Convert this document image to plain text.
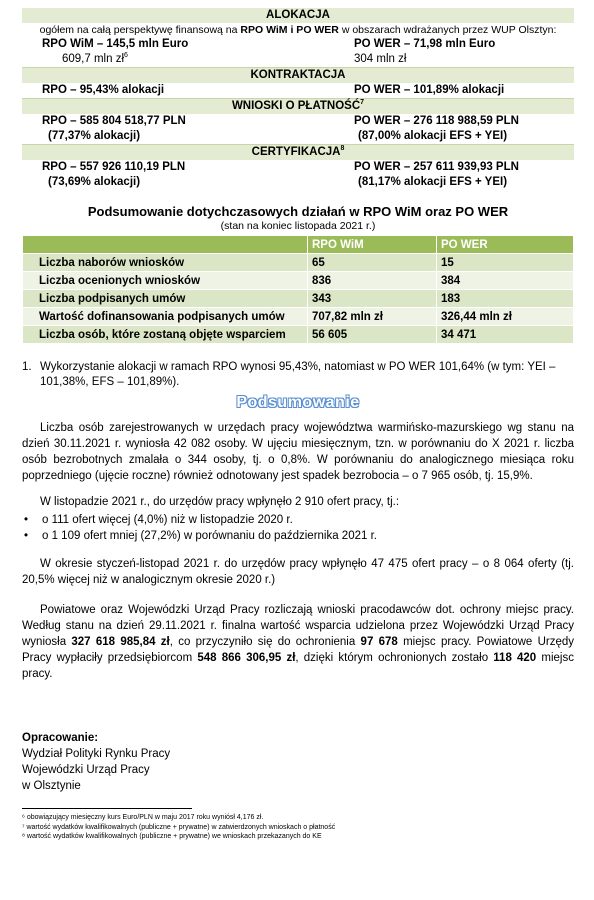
ALOKACJA
ogółem na całą perspektywę finansową na RPO WiM i PO WER w obszarach wdrażanych przez WUP Olsztyn:
RPO WiM – 145,5 mln Euro	PO WER – 71,98 mln Euro
609,7 mln $zł^6$	304 mln zł
KONTRAKTACJA
RPO – 95,43% alokacji	PO WER – 101,89% alokacji
WNIOSKI O PŁATNOŚĆ$^7$
RPO – 585 804 518,77 PLN	PO WER – 276 118 988,59 PLN
(77,37% alokacji)	(87,00% alokacji EFS + YEI)
CERTYFIKACJA$^8$
RPO – 557 926 110,19 PLN	PO WER – 257 611 939,93 PLN
(73,69% alokacji)	(81,17% alokacji EFS + YEI)
Podsumowanie dotychczasowych działań w RPO WiM oraz PO WER
(stan na koniec listopada 2021 r.)
	RPO WiM	PO WER
Liczba naborów wniosków	65	15
Liczba ocenionych wniosków	836	384
Liczba podpisanych umów	343	183
Wartość dofinansowania podpisanych umów	707,82 mln zł	326,44 mln zł
Liczba osób, które zostaną objęte wsparciem	56 605	34 471
1. Wykorzystanie alokacji w ramach RPO wynosi 95,43%, natomiast w PO WER 101,64% (w tym: YEI – 101,38%, EFS – 101,89%).
Podsumowanie

Liczba osób zarejestrowanych w urzędach pracy województwa warmińsko-mazurskiego wg stanu na dzień 30.11.2021 r. wyniosła 42 082 osoby. W ujęciu miesięcznym, tzn. w porównaniu do X 2021 r. liczba osób bezrobotnych zmalała o 344 osoby, tj. o 0,8%. W porównaniu do analogicznego miesiąca roku poprzedniego (ujęcie roczne) również odnotowany jest spadek bezrobocia – o 7 965 osób, tj. 15,9%.

W listopadzie 2021 r., do urzędów pracy wpłynęło 2 910 ofert pracy, tj.:

•	o 111 ofert więcej (4,0%) niż w listopadzie 2020 r.
•	o 1 109 ofert mniej (27,2%) w porównaniu do października 2021 r.

W okresie styczeń-listopad 2021 r. do urzędów pracy wpłynęło 47 475 ofert pracy – o 8 064 oferty (tj. 20,5% więcej niż w analogicznym okresie 2020 r.)

Powiatowe oraz Wojewódzki Urząd Pracy rozliczają wnioski pracodawców dot. ochrony miejsc pracy. Według stanu na dzień 29.11.2021 r. finalna wartość wsparcia udzielona przez Wojewódzki Urząd Pracy wyniosła 327 618 985,84 zł, co przyczyniło się do ochronienia 97 678 miejsc pracy. Powiatowe Urzędy Pracy wypłaciły przedsiębiorcom 548 866 306,95 zł, dzięki którym ochronionych zostało 118 420 miejsc pracy.

Opracowanie:
Wydział Polityki Rynku Pracy
Wojewódzki Urząd Pracy
w Olsztynie
⁶ obowiązujący miesięczny kurs Euro/PLN w maju 2017 roku wyniósł 4,176 zł.
⁷ wartość wydatków kwalifikowalnych (publiczne + prywatne) w zatwierdzonych wnioskach o płatność
⁸ wartość wydatków kwalifikowalnych (publiczne + prywatne) we wnioskach przekazanych do KE
